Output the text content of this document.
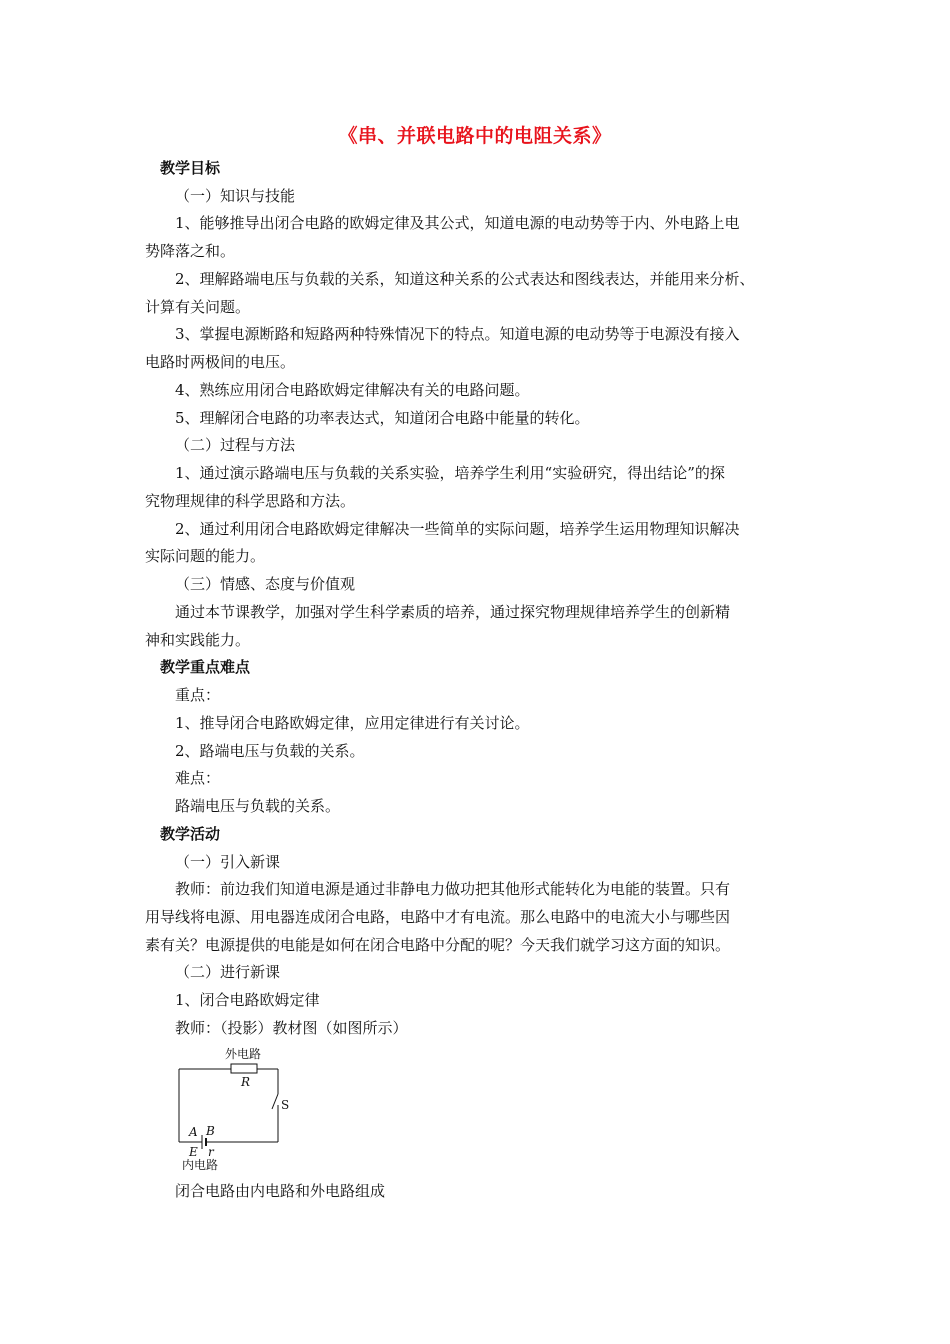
《串、并联电路中的电阻关系》
教学目标
（一）知识与技能
1、能够推导出闭合电路的欧姆定律及其公式，知道电源的电动势等于内、外电路上电
势降落之和。
2、理解路端电压与负载的关系，知道这种关系的公式表达和图线表达，并能用来分析、
计算有关问题。
3、掌握电源断路和短路两种特殊情况下的特点。知道电源的电动势等于电源没有接入
电路时两极间的电压。
4、熟练应用闭合电路欧姆定律解决有关的电路问题。
5、理解闭合电路的功率表达式，知道闭合电路中能量的转化。
（二）过程与方法
1、通过演示路端电压与负载的关系实验，培养学生利用“实验研究，得出结论”的探
究物理规律的科学思路和方法。
2、通过利用闭合电路欧姆定律解决一些简单的实际问题，培养学生运用物理知识解决
实际问题的能力。
（三）情感、态度与价值观
通过本节课教学，加强对学生科学素质的培养，通过探究物理规律培养学生的创新精
神和实践能力。
教学重点难点
重点：
1、推导闭合电路欧姆定律，应用定律进行有关讨论。
2、路端电压与负载的关系。
难点：
路端电压与负载的关系。
教学活动
（一）引入新课
教师：前边我们知道电源是通过非静电力做功把其他形式能转化为电能的装置。只有
用导线将电源、用电器连成闭合电路，电路中才有电流。那么电路中的电流大小与哪些因
素有关？电源提供的电能是如何在闭合电路中分配的呢？今天我们就学习这方面的知识。
（二）进行新课
1、闭合电路欧姆定律
教师：（投影）教材图（如图所示）
闭合电路由内电路和外电路组成
外电路
R
S
A B
E r
内电路
